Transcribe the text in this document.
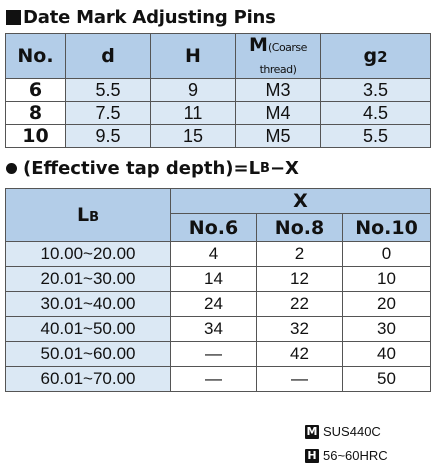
Date Mark Adjusting Pins
No.	d	H	M(Coarse thread)	g2
6	5.5	9	M3	3.5
8	7.5	11	M4	4.5
10	9.5	15	M5	5.5
(Effective tap depth)=L B −X
LB	X		
	No.6	No.8	No.10
10.00~20.00	4	2	0
20.01~30.00	14	12	10
30.01~40.00	24	22	20
40.01~50.00	34	32	30
50.01~60.00	—	42	40
60.01~70.00	—	—	50
M SUS440C
H 56~60HRC
